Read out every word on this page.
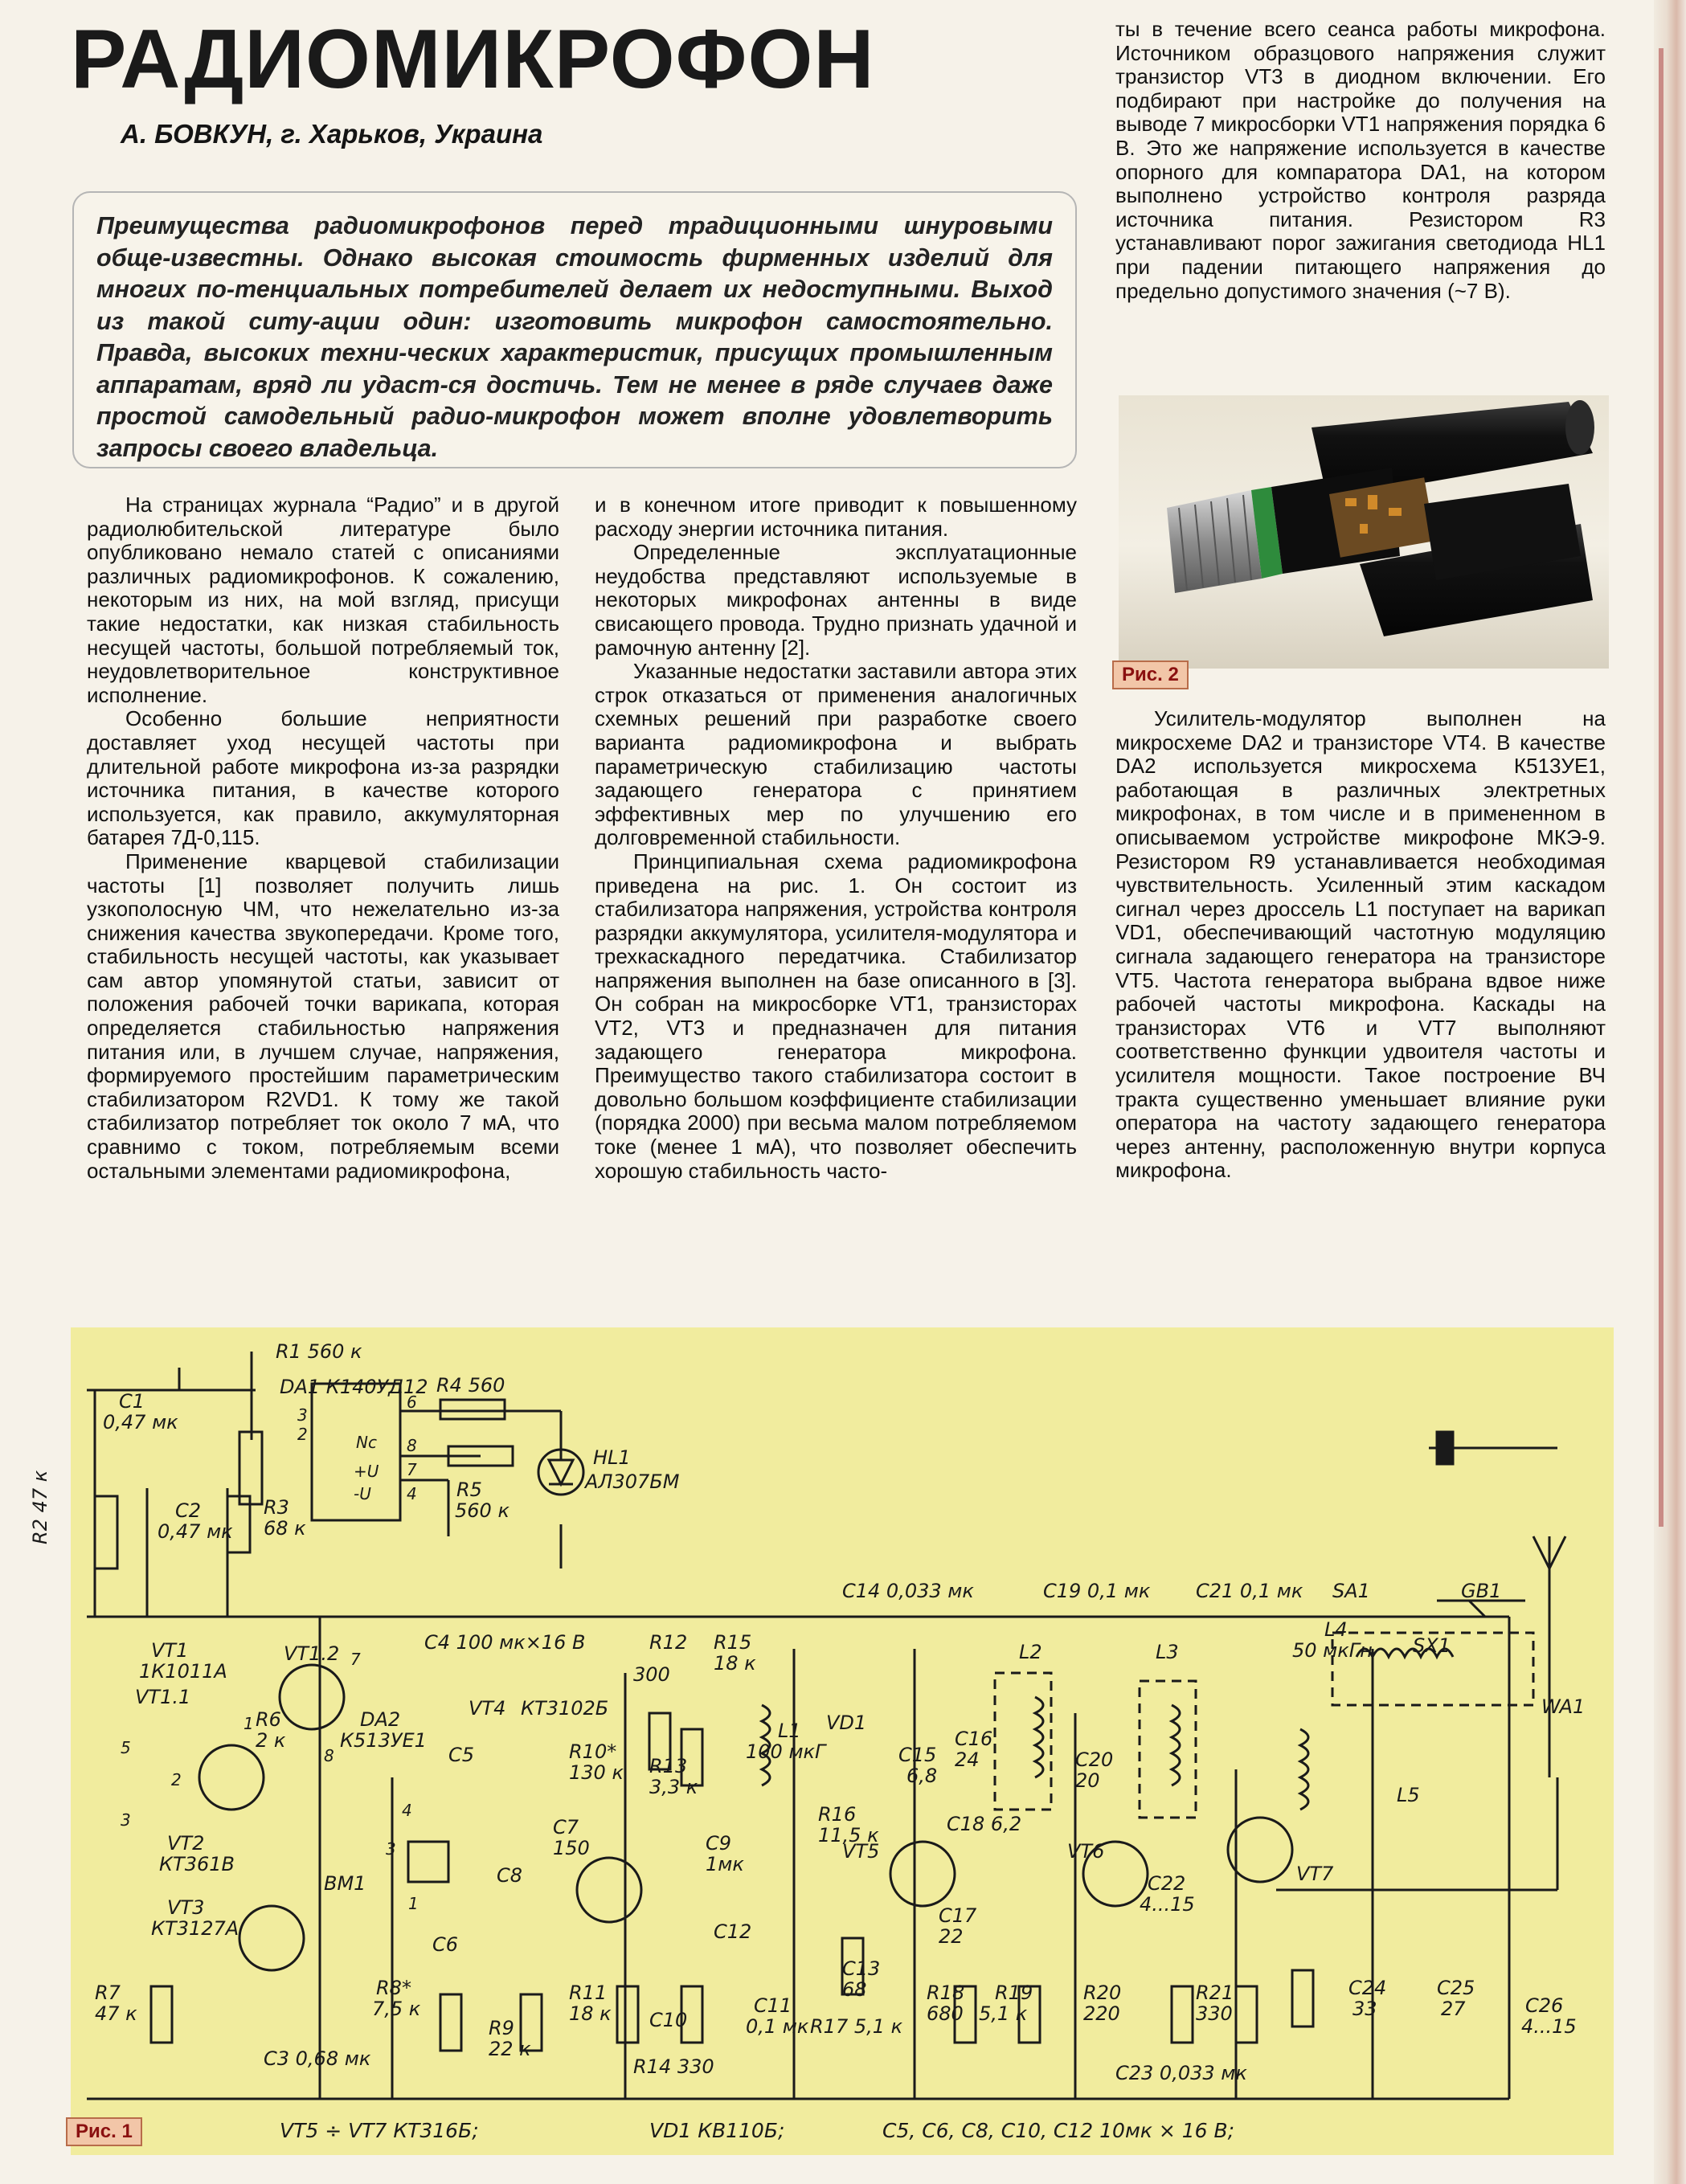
РАДИОМИКРОФОН
А. БОВКУН, г. Харьков, Украина

Преимущества радиомикрофонов перед традиционными шнуровыми обще-известны. Однако высокая стоимость фирменных изделий для многих по-тенциальных потребителей делает их недоступными. Выход из такой ситу-ации один: изготовить микрофон самостоятельно. Правда, высоких техни-ческих характеристик, присущих промышленным аппаратам, вряд ли удаст-ся достичь. Тем не менее в ряде случаев даже простой самодельный радио-микрофон может вполне удовлетворить запросы своего владельца.

На страницах журнала “Радио” и в другой радиолюбительской литературе было опубликовано немало статей с описаниями различных радиомикрофонов. К сожалению, некоторым из них, на мой взгляд, присущи такие недостатки, как низкая стабильность несущей частоты, большой потребляемый ток, неудовлетворительное конструктивное исполнение.

Особенно большие неприятности доставляет уход несущей частоты при длительной работе микрофона из-за разрядки источника питания, в качестве которого используется, как правило, аккумуляторная батарея 7Д-0,115.

Применение кварцевой стабилизации частоты [1] позволяет получить лишь узкополосную ЧМ, что нежелательно из-за снижения качества звукопередачи. Кроме того, стабильность несущей частоты, как указывает сам автор упомянутой статьи, зависит от положения рабочей точки варикапа, которая определяется стабильностью напряжения питания или, в лучшем случае, напряжения, формируемого простейшим параметрическим стабилизатором R2VD1. К тому же такой стабилизатор потребляет ток около 7 мА, что сравнимо с током, потребляемым всеми остальными элементами радиомикрофона,

и в конечном итоге приводит к повышенному расходу энергии источника питания.

Определенные эксплуатационные неудобства представляют используемые в некоторых микрофонах антенны в виде свисающего провода. Трудно признать удачной и рамочную антенну [2].

Указанные недостатки заставили автора этих строк отказаться от применения аналогичных схемных решений при разработке своего варианта радиомикрофона и выбрать параметрическую стабилизацию частоты задающего генератора с принятием эффективных мер по улучшению его долговременной стабильности.

Принципиальная схема радиомикрофона приведена на рис. 1. Он состоит из стабилизатора напряжения, устройства контроля разрядки аккумулятора, усилителя-модулятора и трехкаскадного передатчика. Стабилизатор напряжения выполнен на базе описанного в [3]. Он собран на микросборке VT1, транзисторах VT2, VT3 и предназначен для питания задающего генератора микрофона. Преимущество такого стабилизатора состоит в довольно большом коэффициенте стабилизации (порядка 2000) при весьма малом потребляемом токе (менее 1 мА), что позволяет обеспечить хорошую стабильность часто-

ты в течение всего сеанса работы микрофона. Источником образцового напряжения служит транзистор VT3 в диодном включении. Его подбирают при настройке до получения на выводе 7 микросборки VT1 напряжения порядка 6 В. Это же напряжение используется в качестве опорного для компаратора DA1, на котором выполнено устройство контроля разряда источника питания. Резистором R3 устанавливают порог зажигания светодиода HL1 при падении питающего напряжения до предельно допустимого значения (~7 В).

Рис. 2

Усилитель-модулятор выполнен на микросхеме DA2 и транзисторе VT4. В качестве DA2 используется микросхема К513УЕ1, работающая в различных электретных микрофонах, в том числе и в примененном в описываемом устройстве микрофоне МКЭ-9. Резистором R9 устанавливается необходимая чувствительность. Усиленный этим каскадом сигнал через дроссель L1 поступает на варикап VD1, обеспечивающий частотную модуляцию сигнала задающего генератора на транзисторе VT5. Частота генератора выбрана вдвое ниже рабочей частоты микрофона. Каскады на транзисторах VT6 и VT7 выполняют соответственно функции удвоителя частоты и усилителя мощности. Такое построение ВЧ тракта существенно уменьшает влияние руки оператора на частоту задающего генератора через антенну, расположенную внутри корпуса микрофона.

R1 560 к
C1
0,47 мк
DA1 К140УД12 R4 560
R5
560 к
HL1
АЛ307БМ
R2 47 к	C2
0,47 мк
R3
68 к
C14 0,033 мк	C19 0,1 мк C21 0,1 мк SA1	GB1
VT1
1К1011А
VT1.1
VT1.2	C4 100 мк×16 В	R12
300
R15
18 к	L2	L3
L4
50 мкГн SX1
WA1
R6
2 к
DA2
К513УЕ1
VT4 КТ3102Б
C5	R10*
130 к R13
3,3 к
L1
100 мкГ
VD1
C15
6,8
C16
24	C20
20
L5
VT2
КТ361В
VT3
КТ3127А
BM1
C7
150	C9
1мк
R16
11,5 к
VT5
C18 6,2
VT6
C8
C12
C17
22
C22
4...15
VT7
C6
R7
47 к
R8*
7,5 к
R9
22 к
R11
18 к C10
C11
0,1 мк R17 5,1 к
C13
68	R18
680
R19
5,1 к
R20
220
R21
330
C24
33
C25
27	C26
4...15
C3 0,68 мк	R14 330	C23 0,033 мк
3
2
6
8
7
4
Nc
+U
-U
5
7
1
2
8
3	4
1
3
VT5 ÷ VT7 КТ316Б;	VD1 КВ110Б;	C5, C6, C8, C10, C12 10мк × 16 В;
Рис. 1
